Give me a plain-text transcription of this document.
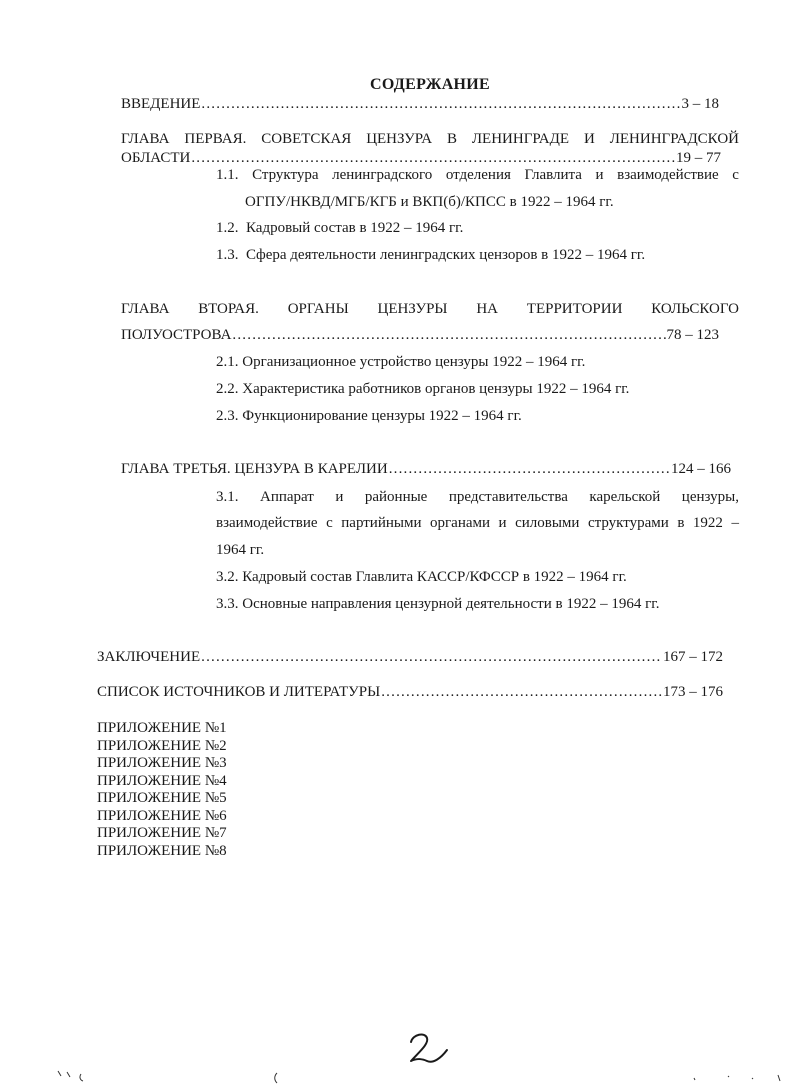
СОДЕРЖАНИЕ
ВВЕДЕНИЕ .....	3 – 18
ГЛАВА ПЕРВАЯ. СОВЕТСКАЯ ЦЕНЗУРА В ЛЕНИНГРАДЕ И ЛЕНИНГРАДСКОЙ
ОБЛАСТИ .....	19 – 77
1.1. Структура ленинградского отделения Главлита и взаимодействие с
ОГПУ/НКВД/МГБ/КГБ и ВКП(б)/КПСС в 1922 – 1964 гг.
1.2. Кадровый состав в 1922 – 1964 гг.
1.3. Сфера деятельности ленинградских цензоров в 1922 – 1964 гг.
ГЛАВА ВТОРАЯ. ОРГАНЫ ЦЕНЗУРЫ НА ТЕРРИТОРИИ КОЛЬСКОГО
ПОЛУОСТРОВА .....	78 – 123
2.1. Организационное устройство цензуры 1922 – 1964 гг.
2.2. Характеристика работников органов цензуры 1922 – 1964 гг.
2.3. Функционирование цензуры 1922 – 1964 гг.
ГЛАВА ТРЕТЬЯ. ЦЕНЗУРА В КАРЕЛИИ .....	124 – 166
3.1. Аппарат и районные представительства карельской цензуры,
взаимодействие с партийными органами и силовыми структурами в 1922 –
1964 гг.
3.2. Кадровый состав Главлита КАССР/КФССР в 1922 – 1964 гг.
3.3. Основные направления цензурной деятельности в 1922 – 1964 гг.
ЗАКЛЮЧЕНИЕ .....	167 – 172
СПИСОК ИСТОЧНИКОВ И ЛИТЕРАТУРЫ .....	173 – 176
ПРИЛОЖЕНИЕ №1
ПРИЛОЖЕНИЕ №2
ПРИЛОЖЕНИЕ №3
ПРИЛОЖЕНИЕ №4
ПРИЛОЖЕНИЕ №5
ПРИЛОЖЕНИЕ №6
ПРИЛОЖЕНИЕ №7
ПРИЛОЖЕНИЕ №8
